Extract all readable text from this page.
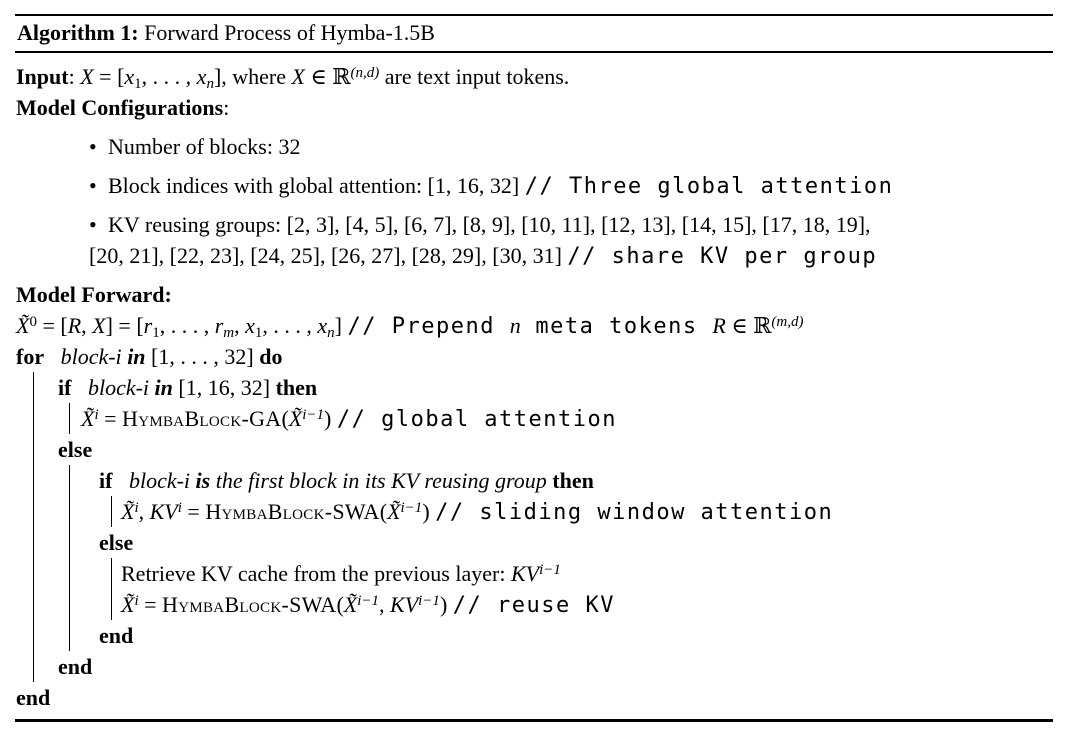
Algorithm 1: Forward Process of Hymba-1.5B
Input: $X = [x_1$, . . . , $x_n$], where X ∈ ℝ$^{(n,d)}$ are text input tokens.
Model Configurations:
• Number of blocks: 32
• Block indices with global attention: [1, 16, 32] // Three global attention
• KV reusing groups: [2, 3], [4, 5], [6, 7], [8, 9], [10, 11], [12, 13], [14, 15], [17, 18, 19],
[20, 21], [22, 23], [24, 25], [26, 27], [28, 29], [30, 31] // share KV per group
Model Forward:
X̃$^0$ = [R, $X] = [r_1$, . . . , $r_m$, $x_1$, . . . , $x_n$] // Prepend n meta tokens R ∈ ℝ$^{(m,d)}$
for block-i in [1, . . . , 32] do
if block-i in [1, 16, 32] then
X̃$^i$ = HymbaBlock-GA(X̃$^{i-1}$) // global attention
else
if block-i is the first block in its KV reusing group then
X̃$^i$, $KV^i$ = HymbaBlock-SWA(X̃$^{i-1}$) // sliding window attention
else
Retrieve KV cache from the previous layer: $KV^{i-1}$
X̃$^i$ = HymbaBlock-SWA(X̃$^{i-1}$, $KV^{i-1}$) // reuse KV
end
end
end
